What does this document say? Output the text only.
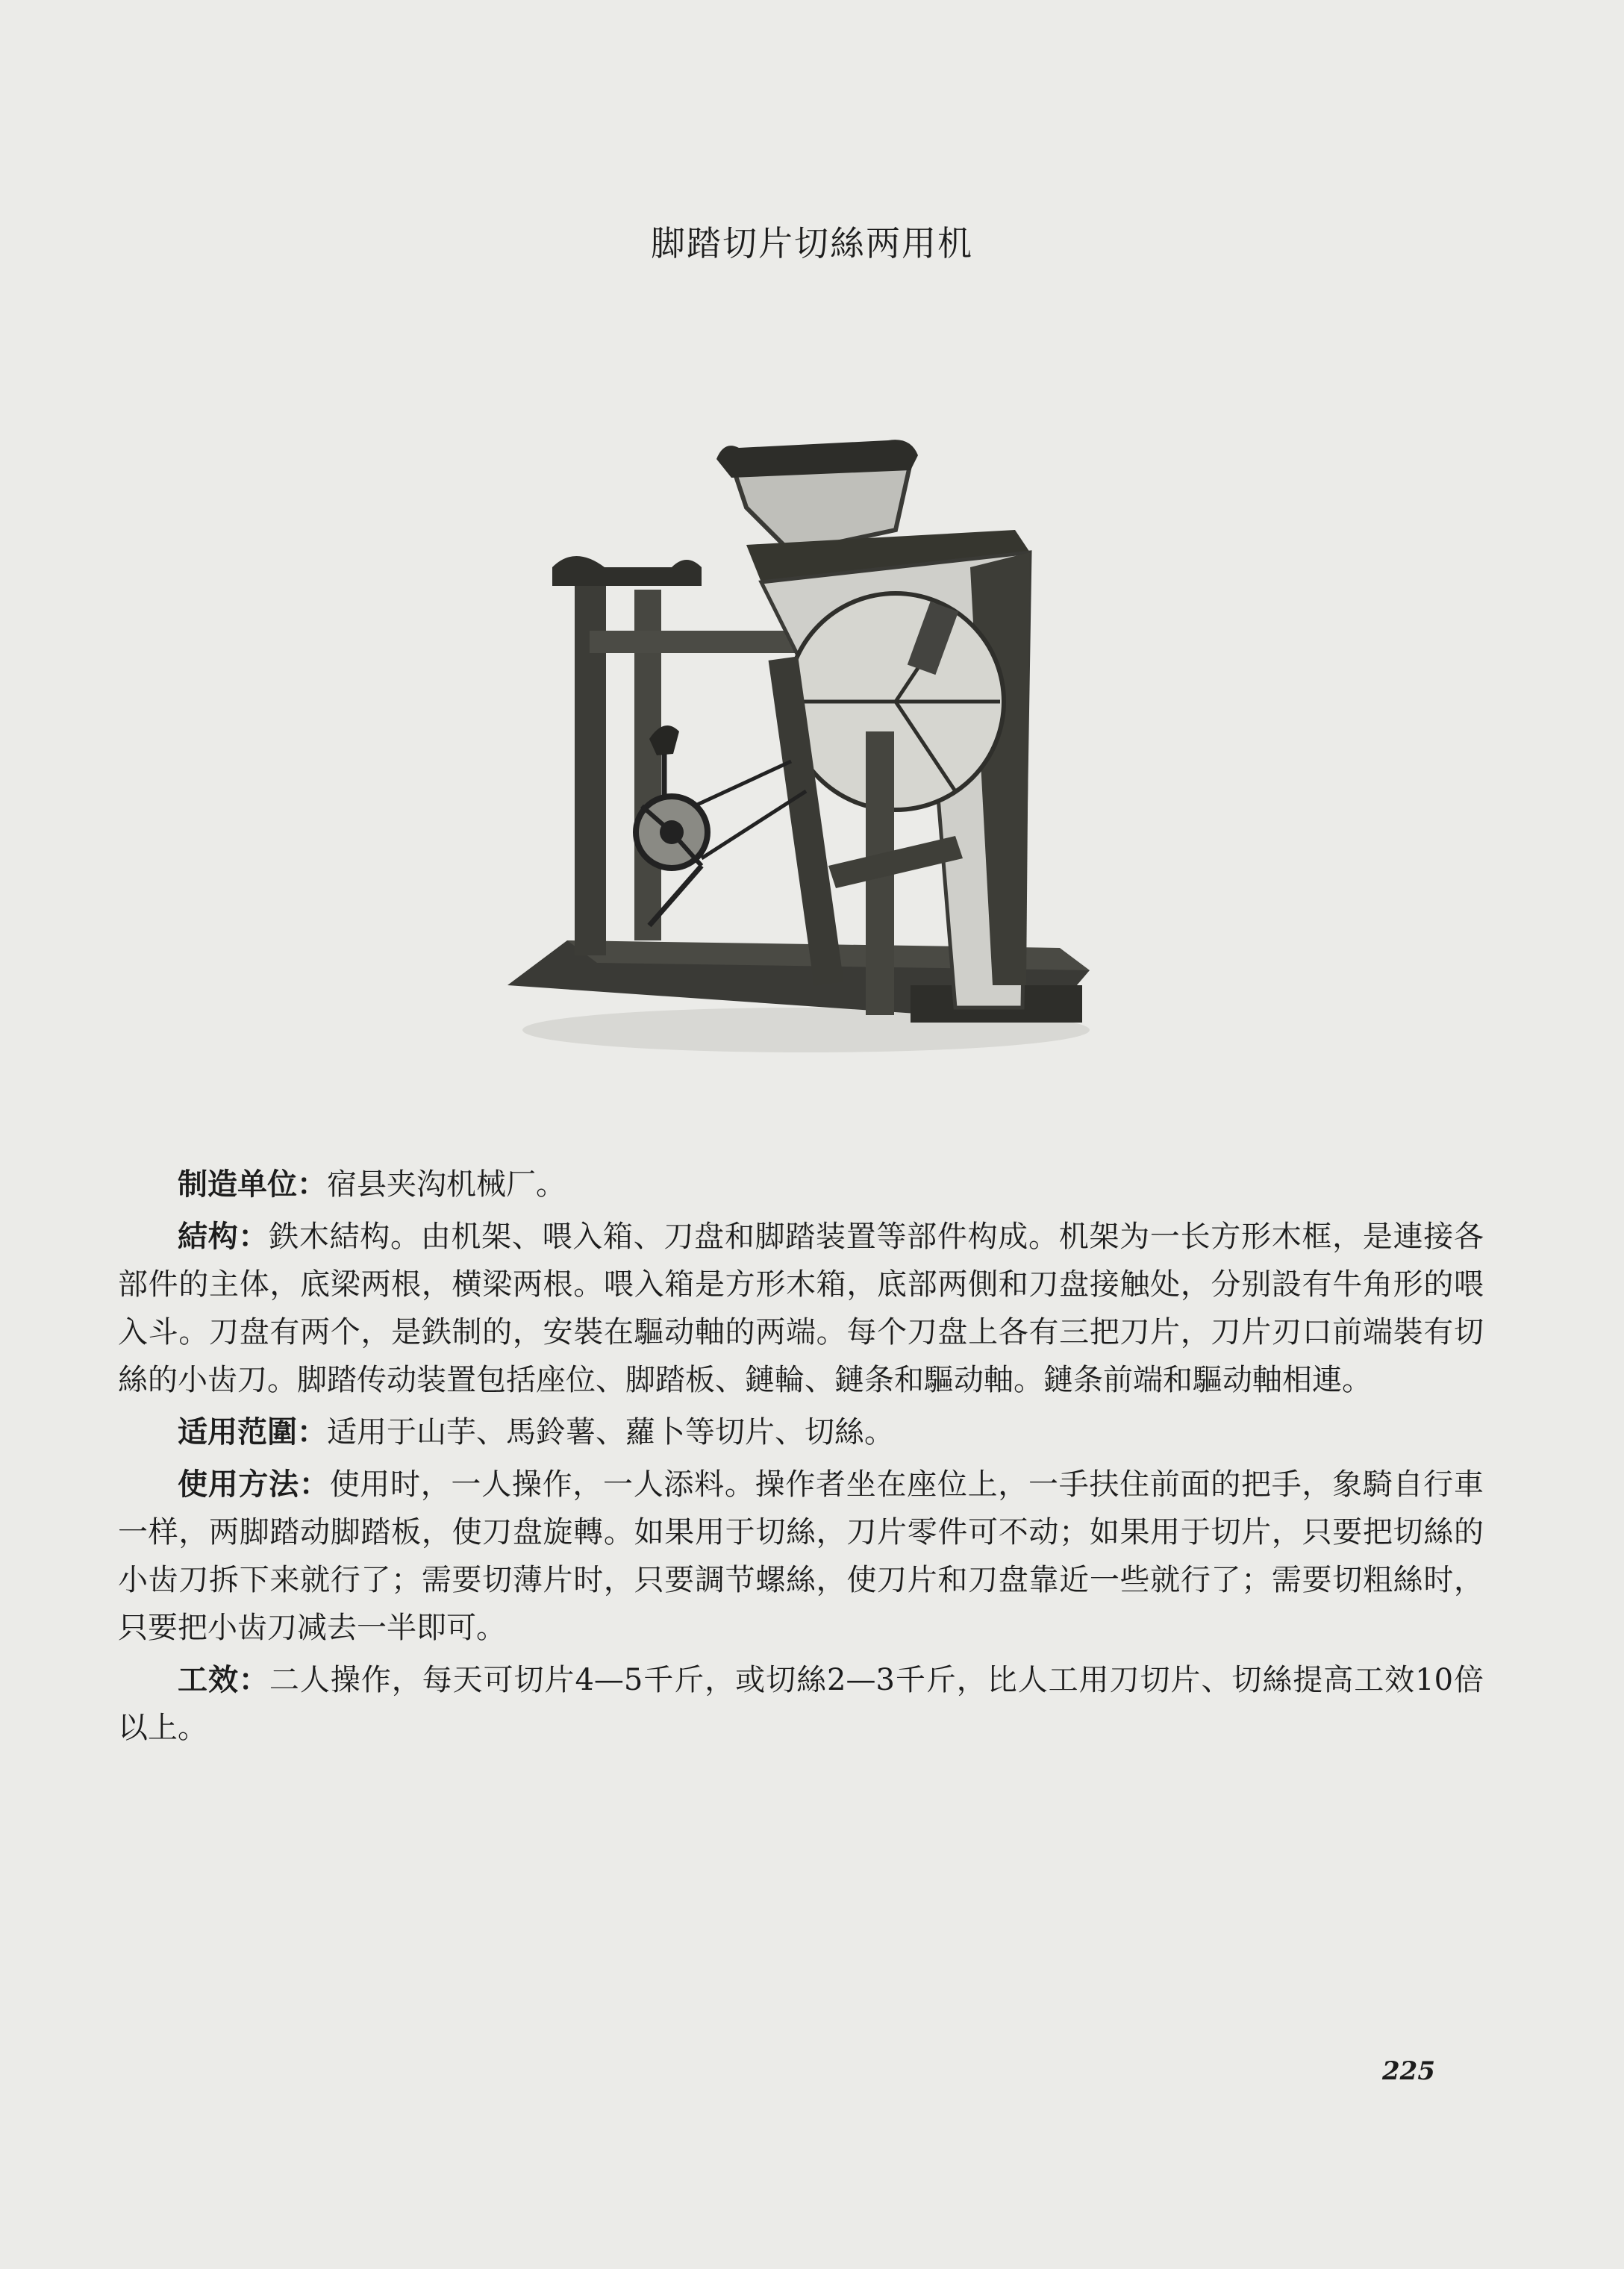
脚踏切片切絲两用机

制造单位：宿县夹沟机械厂。

結构：鉄木結构。由机架、喂入箱、刀盘和脚踏装置等部件构成。机架为一长方形木框，是連接各部件的主体，底梁两根，横梁两根。喂入箱是方形木箱，底部两側和刀盘接触处，分别設有牛角形的喂入斗。刀盘有两个，是鉄制的，安裝在驅动軸的两端。每个刀盘上各有三把刀片，刀片刃口前端裝有切絲的小齿刀。脚踏传动装置包括座位、脚踏板、鏈輪、鏈条和驅动軸。鏈条前端和驅动軸相連。

适用范圍：适用于山芋、馬鈴薯、蘿卜等切片、切絲。

使用方法：使用时，一人操作，一人添料。操作者坐在座位上，一手扶住前面的把手，象騎自行車一样，两脚踏动脚踏板，使刀盘旋轉。如果用于切絲，刀片零件可不动；如果用于切片，只要把切絲的小齿刀拆下来就行了；需要切薄片时，只要調节螺絲，使刀片和刀盘靠近一些就行了；需要切粗絲时，只要把小齿刀减去一半即可。

工效：二人操作，每天可切片4—5千斤，或切絲2—3千斤，比人工用刀切片、切絲提高工效10倍以上。

225
